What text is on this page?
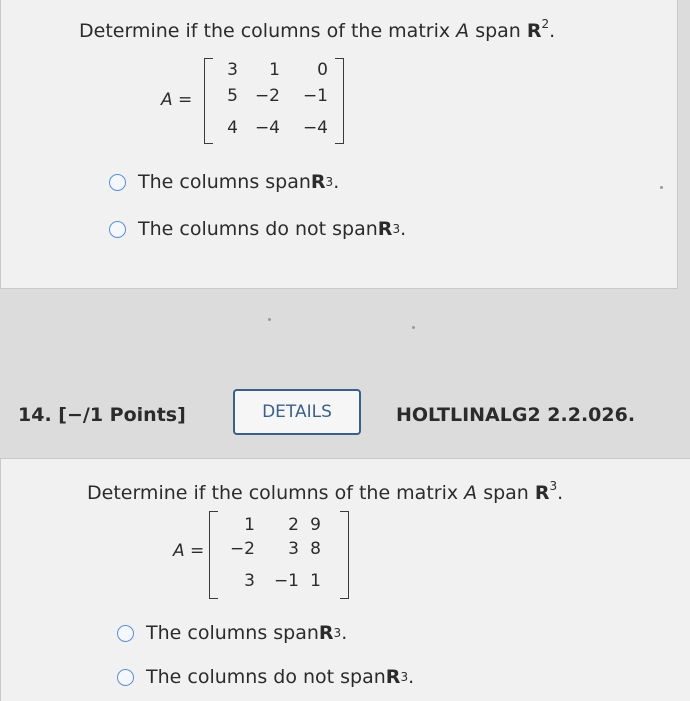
Determine if the columns of the matrix A span $R^2$.
A =
3	1	0
5 −2 −1
4 −4 −4
The columns span R 3 .
The columns do not span R 3 .
14. [−/1 Points]	DETAILS	HOLTLINALG2 2.2.026.
Determine if the columns of the matrix A span $R^3$.
A =
1	2 9
−2	3 8
3 −1 1
The columns span R 3 .
The columns do not span R 3 .
